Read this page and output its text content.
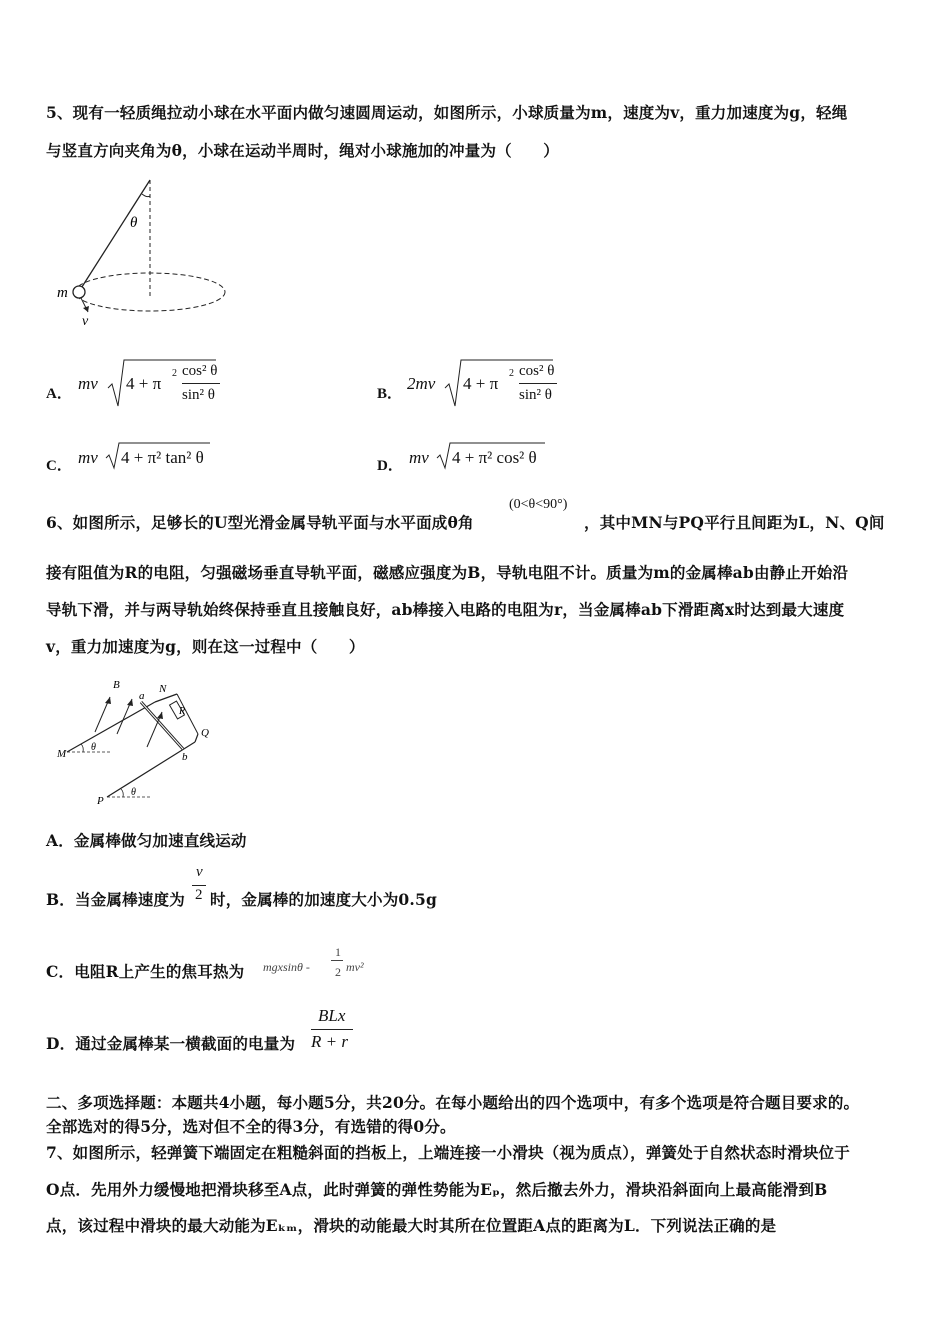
5、现有一轻质绳拉动小球在水平面内做匀速圆周运动，如图所示，小球质量为m，速度为v，重力加速度为g，轻绳
与竖直方向夹角为θ，小球在运动半周时，绳对小球施加的冲量为（　　）
θ
m
v
A．
mv 4 + π
2 cos² θ
sin² θ	B．
2mv 4 + π
2 cos² θ
sin² θ
C． mv 4 + π² tan² θ	D． mv 4 + π² cos² θ
6、如图所示，足够长的U型光滑金属导轨平面与水平面成θ角
(0<θ<90°)
，其中MN与PQ平行且间距为L，N、Q间
接有阻值为R的电阻，匀强磁场垂直导轨平面，磁感应强度为B，导轨电阻不计。质量为m的金属棒ab由静止开始沿
导轨下滑，并与两导轨始终保持垂直且接触良好，ab棒接入电路的电阻为r，当金属棒ab下滑距离x时达到最大速度
v，重力加速度为g，则在这一过程中（　　）
B
a
N
R
Q
M
θ
b
P
θ
A．金属棒做匀加速直线运动
B．当金属棒速度为
v
2 时，金属棒的加速度大小为0.5g
C．电阻R上产生的焦耳热为 mgxsinθ -
1
2 mv²
D．通过金属棒某一横截面的电量为
BLx
R + r
二、多项选择题：本题共4小题，每小题5分，共20分。在每小题给出的四个选项中，有多个选项是符合题目要求的。
全部选对的得5分，选对但不全的得3分，有选错的得0分。
7、如图所示，轻弹簧下端固定在粗糙斜面的挡板上，上端连接一小滑块（视为质点），弹簧处于自然状态时滑块位于
O点．先用外力缓慢地把滑块移至A点，此时弹簧的弹性势能为Eₚ，然后撤去外力，滑块沿斜面向上最高能滑到B
点，该过程中滑块的最大动能为Eₖₘ，滑块的动能最大时其所在位置距A点的距离为L．下列说法正确的是
